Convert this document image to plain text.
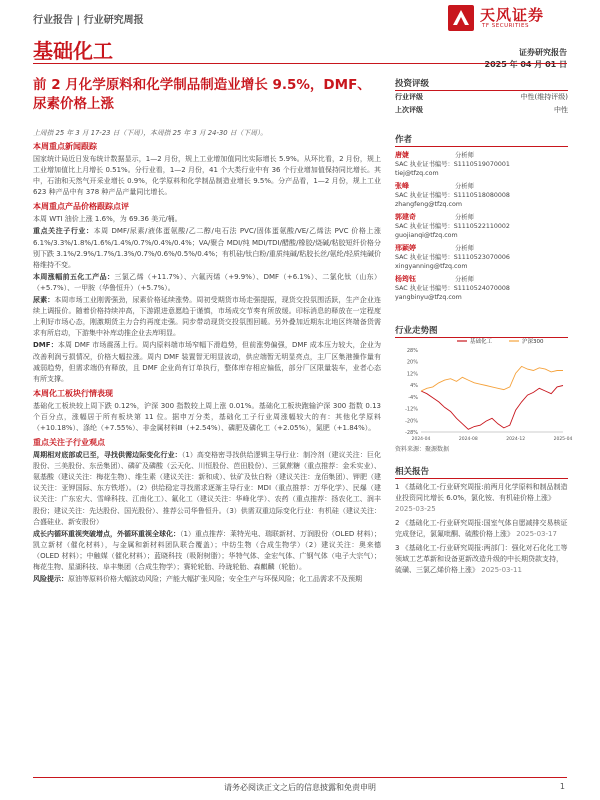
行业报告 | 行业研究周报	天风证券
TF SECURITIES
基础化工	证券研究报告
2025 年 04 月 01 日
前 2 月化学原料和化学制品制造业增长 9.5%，DMF、尿素价格上涨
上周指 25 年 3 月 17-23 日（下周），本周指 25 年 3 月 24-30 日（下周）。
本周重点新闻跟踪
国家统计局近日发布统计数据显示，1—2 月份，规上工业增加值同比实际增长 5.9%。从环比看，2 月份，规上工业增加值比上月增长 0.51%。分行业看，1—2 月份，41 个大类行业中有 36 个行业增加值保持同比增长。其中，石油和天然气开采业增长 0.9%，化学原料和化学制品制造业增长 9.5%。分产品看，1—2 月份，规上工业 623 种产品中有 378 种产品产量同比增长。
本周重点产品价格跟踪点评
本周 WTI 油价上涨 1.6%，为 69.36 美元/桶。
重点关注子行业：本周 DMF/尿素/液体蛋氨酸/乙二醇/电石法 PVC/固体蛋氨酸/VE/乙烯法 PVC 价格上涨 6.1%/3.3%/1.8%/1.6%/1.4%/0.7%/0.4%/0.4%；VA/聚合 MDI/纯 MDI/TDI/醋酸/橡胶/烧碱/粘胶短纤价格分别下跌 3.1%/2.9%/1.7%/1.3%/0.7%/0.6%/0.5%/0.4%；有机硅/钛白粉/重质纯碱/粘胶长丝/氨纶/轻质纯碱价格维持不变。
本周涨幅前五化工产品：三氯乙烯（+11.7%）、六氟丙烯（+9.9%）、DMF（+6.1%）、二氯化钛（山东）（+5.7%）、一甲胺（华鲁恒升）（+5.7%）。
尿素：本周市场工业刚需强劲，尿素价格延续涨势。周初受期货市场走强提振，现货交投氛围活跃，生产企业连续上调报价。随着价格持续冲高，下游跟进意愿趋于谨慎，市场成交节奏有所放缓。印标消息的释放在一定程度上利好市场心态，刚激期货主力合约再度走强。同步带动现货交投氛围回暖。另外叠加近期东北地区终端备货需求有所启动，下游集中补库动推企业去库明显。
DMF：本周 DMF 市场震荡上行。周内原料端市场窄幅下滑趋势，但前涨势偏强，DMF 成本压力较大，企业为改善利润亏损情况，价格大幅拉涨。周内 DMF 装置智无明显波动，供应端暂无明显亮点，主厂区集港操作量有减弱趋势，但需求端仍有释放，且 DMF 企业尚有订单执行，整体库存相应偏低，部分厂区限量装车，业者心态有所支撑。
本周化工板块行情表现
基础化工板块较上周下跌 0.12%，沪深 300 指数较上周上涨 0.01%。基础化工板块跑输沪深 300 指数 0.13 个百分点，涨幅居于所有板块第 11 位。据申万分类，基础化工子行业周涨幅较大的有：其他化学原料（+10.18%）、涤纶（+7.55%）、非金属材料Ⅲ（+2.54%）、磷肥及磷化工（+2.05%），氮肥（+1.84%）。
重点关注子行业观点
周期相对底部或已至，寻找供需边际变化行业：（1）高变格密寻找供给逻辑主导行业：制冷剂（建议关注：巨化股份、三美股份、东岳集团）、磷矿及磷酸（云天化、川恒股份、芭田股份）、三氯蔗糖（重点推荐：金禾实业）、氨基酸（建议关注：梅花生物）、维生素（建议关注：新和成）、钛矿及钛白粉（建议关注：龙佰集团）、钾肥（建议关注：亚钾国际、东方铁塔）。（2）供给稳定寻找需求逐渐主导行业：MDI（重点推荐：万华化学）、民爆（建议关注：广东宏大、雪峰科技、江南化工）、氟化工（建议关注：华峰化学）、农药（重点推荐：扬农化工、润丰股份；建议关注：先达股份、国光股份）、推荐公司华鲁恒升。（3）供需双重边际变化行业：有机硅（建议关注：合盛硅业、新安股份）
成长内循环重视突破增点，外循环重视全球化：（1）重点推荐：莱特光电、瑞联新材、万润股份（OLED 材料）；凯立新材（催化材料），与金属和新材料团队联合覆盖）；中纺生物（合成生物学）（2）建议关注：奥来德（OLED 材料）；中触媒（催化材料）；蓝晓科技（吸附树脂）；华特气体、金宏气体、广钢气体（电子大宗气）；梅花生物、星湖科技、阜丰集团（合成生物学）；赛轮轮胎、玲珑轮胎、森麒麟（轮胎）。
风险提示：原油等原料价格大幅波动风险；产能大幅扩张风险；安全生产与环保风险；化工品需求不及预期
投资评级
行业评级	中性(维持评级)
上次评级	中性
作者
唐婕	分析师
SAC 执业证书编号：S1110519070001
tiej@tfzq.com
张峰	分析师
SAC 执业证书编号：S1110518080008
zhangfeng@tfzq.com
郭建奇	分析师
SAC 执业证书编号：S1110522110002
guojianqi@tfzq.com
邢颖婷	分析师
SAC 执业证书编号：S1110523070006
xingyanning@tfzq.com
杨筠钰	分析师
SAC 执业证书编号：S1110524070008
yangbinyu@tfzq.com
行业走势图
28%
20%
12%
4%
-4%
-12%
-20%
-28%
2024-04	2024-08	2024-12	2025-04
基础化工	沪深300
资料来源：聚源数据
相关报告
1 《基础化工-行业研究周报:前两月化学原料和制品制造业投资同比增长 6.0%，氯化铵、有机硅价格上涨》 2025-03-25
2 《基础化工-行业研究周报:国室气体自愿减排交易核证完成登记，氯氟吡酮、硫酸价格上涨》 2025-03-17
3 《基础化工-行业研究周报:两部门：强化对石化化工等领域工艺革新和设备更新改造升级的中长期贷款支持，硫磺、三氯乙烯价格上涨》 2025-03-11
请务必阅读正文之后的信息披露和免责申明	1
